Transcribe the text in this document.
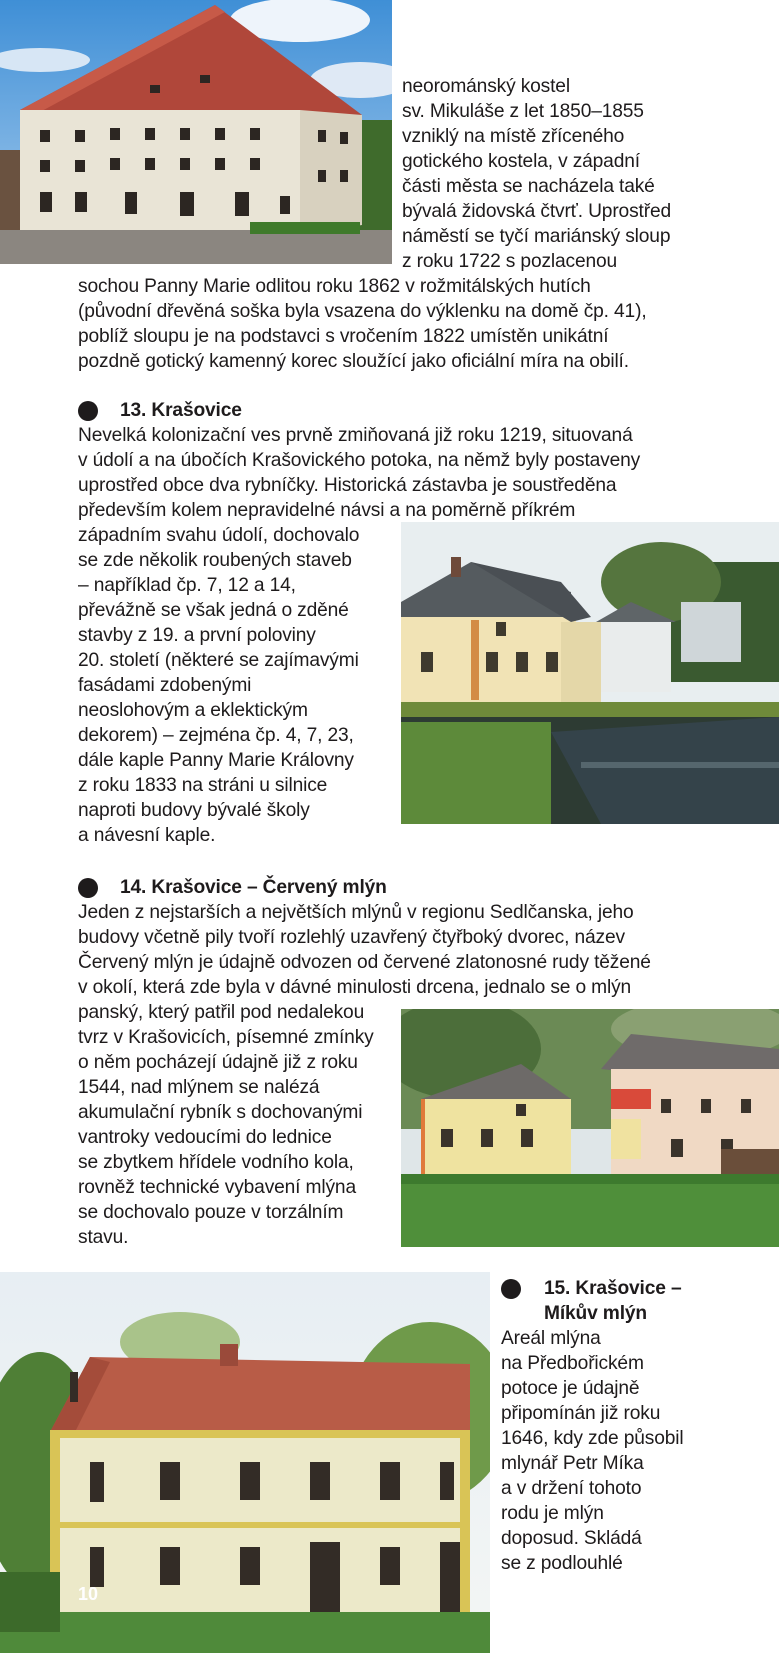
neorománský kostel
sv. Mikuláše z let 1850–1855
vzniklý na místě zříceného
gotického kostela, v západní
části města se nacházela také
bývalá židovská čtvrť. Uprostřed
náměstí se tyčí mariánský sloup
z roku 1722 s pozlacenou
sochou Panny Marie odlitou roku 1862 v rožmitálských hutích
(původní dřevěná soška byla vsazena do výklenku na domě čp. 41),
poblíž sloupu je na podstavci s vročením 1822 umístěn unikátní
pozdně gotický kamenný korec sloužící jako oficiální míra na obilí.
13. Krašovice
Nevelká kolonizační ves prvně zmiňovaná již roku 1219, situovaná
v údolí a na úbočích Krašovického potoka, na němž byly postaveny
uprostřed obce dva rybníčky. Historická zástavba je soustředěna
především kolem nepravidelné návsi a na poměrně příkrém
západním svahu údolí, dochovalo
se zde několik roubených staveb
– například čp. 7, 12 a 14,
převážně se však jedná o zděné
stavby z 19. a první poloviny
20. století (některé se zajímavými
fasádami zdobenými
neoslohovým a eklektickým
dekorem) – zejména čp. 4, 7, 23,
dále kaple Panny Marie Královny
z roku 1833 na stráni u silnice
naproti budovy bývalé školy
a návesní kaple.
14. Krašovice – Červený mlýn
Jeden z nejstarších a největších mlýnů v regionu Sedlčanska, jeho
budovy včetně pily tvoří rozlehlý uzavřený čtyřboký dvorec, název
Červený mlýn je údajně odvozen od červené zlatonosné rudy těžené
v okolí, která zde byla v dávné minulosti drcena, jednalo se o mlýn
panský, který patřil pod nedalekou
tvrz v Krašovicích, písemné zmínky
o něm pocházejí údajně již z roku
1544, nad mlýnem se nalézá
akumulační rybník s dochovanými
vantroky vedoucími do lednice
se zbytkem hřídele vodního kola,
rovněž technické vybavení mlýna
se dochovalo pouze v torzálním
stavu.
10
15. Krašovice –
Míkův mlýn
Areál mlýna
na Předbořickém
potoce je údajně
připomínán již roku
1646, kdy zde působil
mlynář Petr Míka
a v držení tohoto
rodu je mlýn
doposud. Skládá
se z podlouhlé
